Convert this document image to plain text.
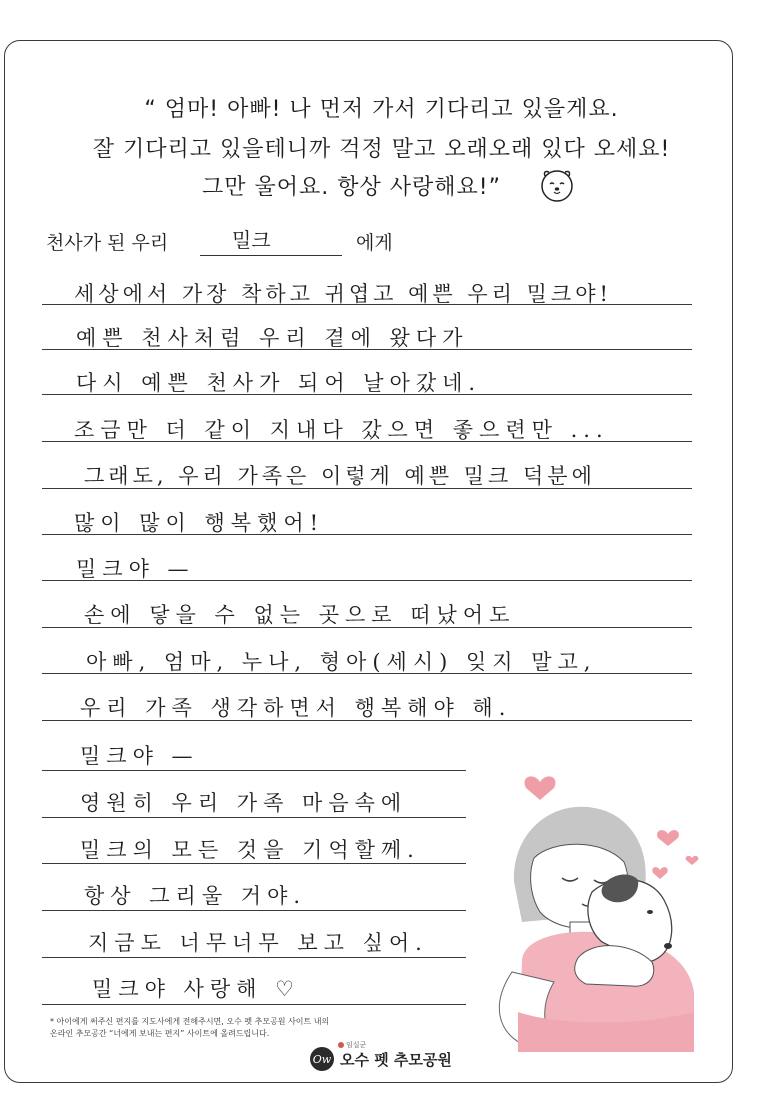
“ 엄마! 아빠! 나 먼저 가서 기다리고 있을게요.
잘 기다리고 있을테니까 걱정 말고 오래오래 있다 오세요!
그만 울어요. 항상 사랑해요!”
천사가 된 우리	밀크	에게
세상에서 가장 착하고 귀엽고 예쁜 우리 밀크야!
예쁜 천사처럼 우리 곁에 왔다가
다시 예쁜 천사가 되어 날아갔네.
조금만 더 같이 지내다 갔으면 좋으련만 ...
그래도, 우리 가족은 이렇게 예쁜 밀크 덕분에
많이 많이 행복했어!
밀크야 —
손에 닿을 수 없는 곳으로 떠났어도
아빠, 엄마, 누나, 형아(세시) 잊지 말고,
우리 가족 생각하면서 행복해야 해.
밀크야 —
영원히 우리 가족 마음속에
밀크의 모든 것을 기억할께.
항상 그리울 거야.
지금도 너무너무 보고 싶어.
밀크야 사랑해 ♡
* 아이에게 써주신 편지를 지도사에게 전해주시면, 오수 펫 추모공원 사이트 내의
온라인 추모공간 “너에게 보내는 편지” 사이트에 올려드립니다.
임실군
Ow 오수 펫 추모공원
